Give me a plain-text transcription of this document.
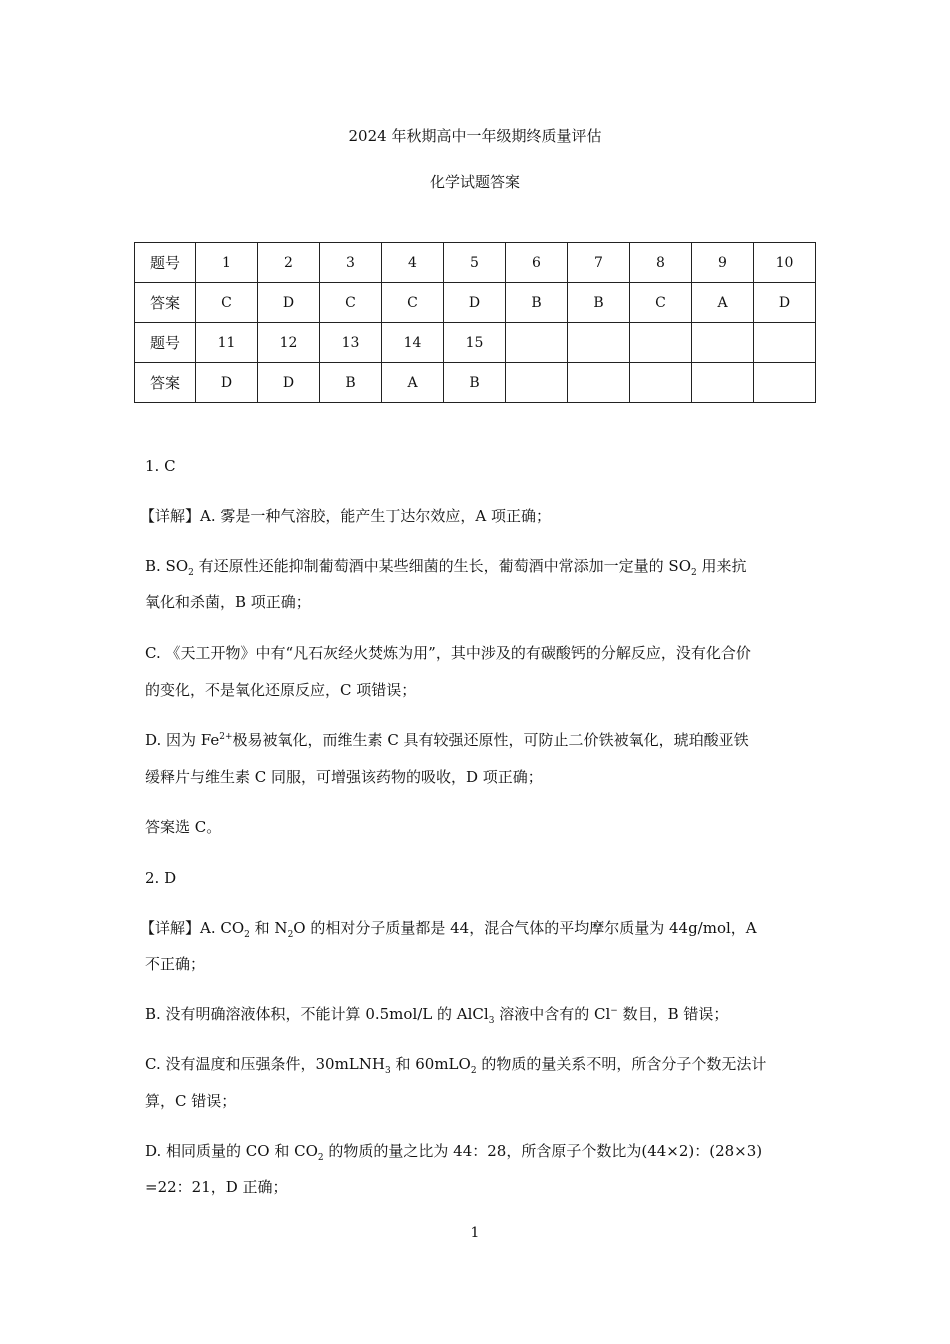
2024 年秋期高中一年级期终质量评估
化学试题答案
题号	1	2	3	4	5	6	7	8	9	10
答案	C	D	C	C	D	B	B	C	A	D
题号	11	12	13	14	15					
答案	D	D	B	A	B					
1. C
【详解】A. 雾是一种气溶胶，能产生丁达尔效应，A 项正确；
B. $SO_2$ 有还原性还能抑制葡萄酒中某些细菌的生长，葡萄酒中常添加一定量的 $SO_2$ 用来抗
氧化和杀菌，B 项正确；
C. 《天工开物》中有“凡石灰经火焚炼为用”，其中涉及的有碳酸钙的分解反应，没有化合价
的变化，不是氧化还原反应，C 项错误；
D. 因为 $Fe^{2+}$极易被氧化，而维生素 C 具有较强还原性，可防止二价铁被氧化，琥珀酸亚铁
缓释片与维生素 C 同服，可增强该药物的吸收，D 项正确；
答案选 C。
2. D
【详解】A. $CO_2$ 和 $N_2O$ 的相对分子质量都是 44，混合气体的平均摩尔质量为 44g/mol，A
不正确；
B. 没有明确溶液体积，不能计算 0.5mol/L 的 AlCl$_3$ 溶液中含有的 Cl− 数目，B 错误；
C. 没有温度和压强条件，30mLNH$_3$ 和 60mLO$_2$ 的物质的量关系不明，所含分子个数无法计
算，C 错误；
D. 相同质量的 CO 和 $CO_2$ 的物质的量之比为 44：28，所含原子个数比为(44×2)：(28×3)
=22：21，D 正确；
1
